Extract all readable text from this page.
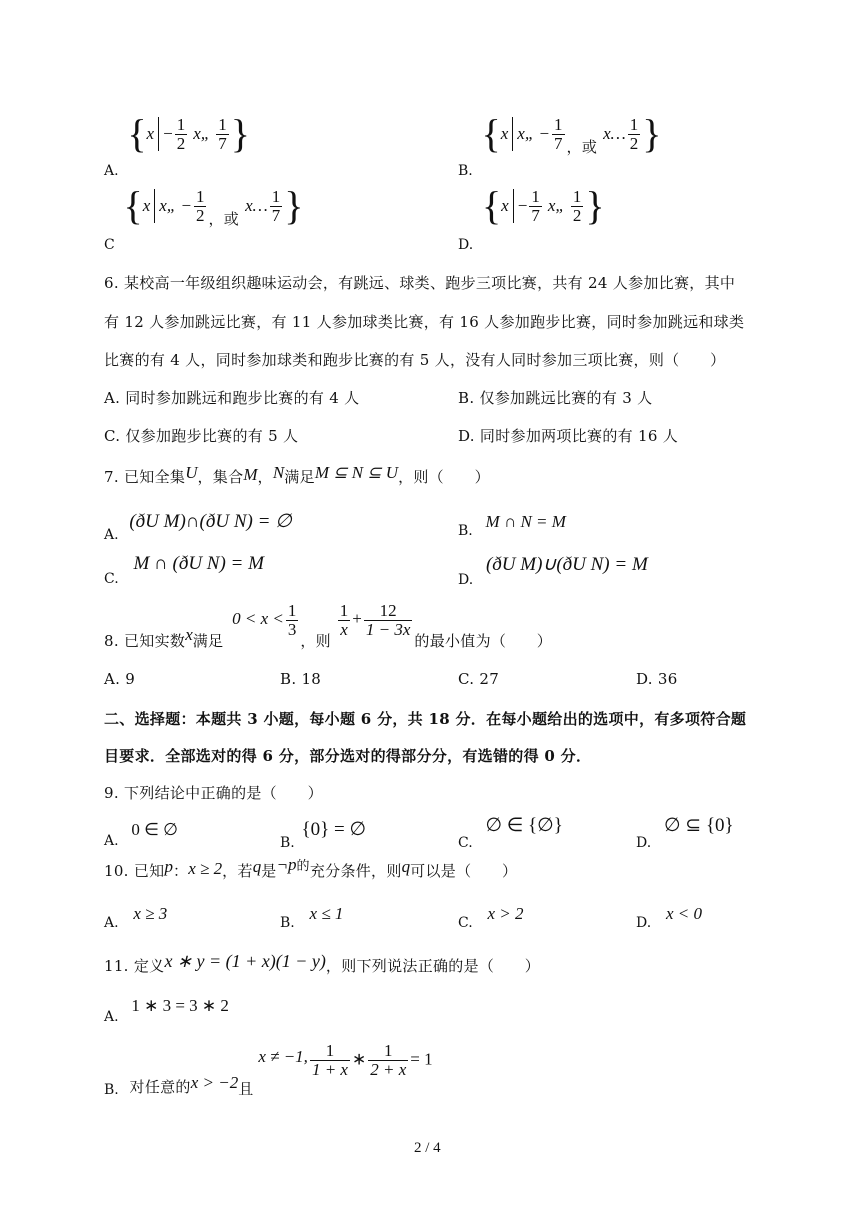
A.
{ $x - \frac{1}{2}$ x„ $\frac{1}{7}$ }
B.
{ x x„ − $\frac{1}{7}$ ，或
x… $\frac{1}{2}$ }
C
{ x x„ − $\frac{1}{2}$ ，或
x… $\frac{1}{7}$ }
D.
{ $x - \frac{1}{7}$ x„ $\frac{1}{2}$ }
6. 某校高一年级组织趣味运动会，有跳远、球类、跑步三项比赛，共有 24 人参加比赛，其中
有 12 人参加跳远比赛，有 11 人参加球类比赛，有 16 人参加跑步比赛，同时参加跳远和球类
比赛的有 4 人，同时参加球类和跑步比赛的有 5 人，没有人同时参加三项比赛，则（　　）
A. 同时参加跳远和跑步比赛的有 4 人	B. 仅参加跳远比赛的有 3 人
C. 仅参加跑步比赛的有 5 人	D. 同时参加两项比赛的有 16 人
7. 已知全集U，集合M，N满足M ⊆ N ⊆ U，则（　　）
A. (ðU M)∩(ðU N) = ∅	B. M ∩ N = M
C. M ∩ (ðU N) = M
D. (ðU M)∪(ðU N) = M
8. 已知实数x满足 $0 < x < \frac{1}{3}$
，则
$\frac{1}{x} + \frac{12}{1 - 3x}$
的最小值为（　　）
A. 9	B. 18	C. 27	D. 36
二、选择题：本题共 3 小题，每小题 6 分，共 18 分．在每小题给出的选项中，有多项符合题
目要求．全部选对的得 6 分，部分选对的得部分分，有选错的得 0 分．
9. 下列结论中正确的是（　　）
A. 0 ∈ ∅
B. {0} = ∅
C. ∅ ∈ {∅}
D. ∅ ⊆ {0}
10. 已知p：x ≥ 2，若q是¬p的充分条件，则q可以是（　　）
A. x ≥ 3	B. x ≤ 1	C. x > 2	D. x < 0
11. 定义x ∗ y = (1 + x)(1 − y)，则下列说法正确的是（　　）
A. 1 ∗ 3 = 3 ∗ 2
B. 对任意的x > −2且 x ≠ −1, $\frac{1}{1 + x}$ ∗ $\frac{1}{2 + x} = 1$
2 / 4
